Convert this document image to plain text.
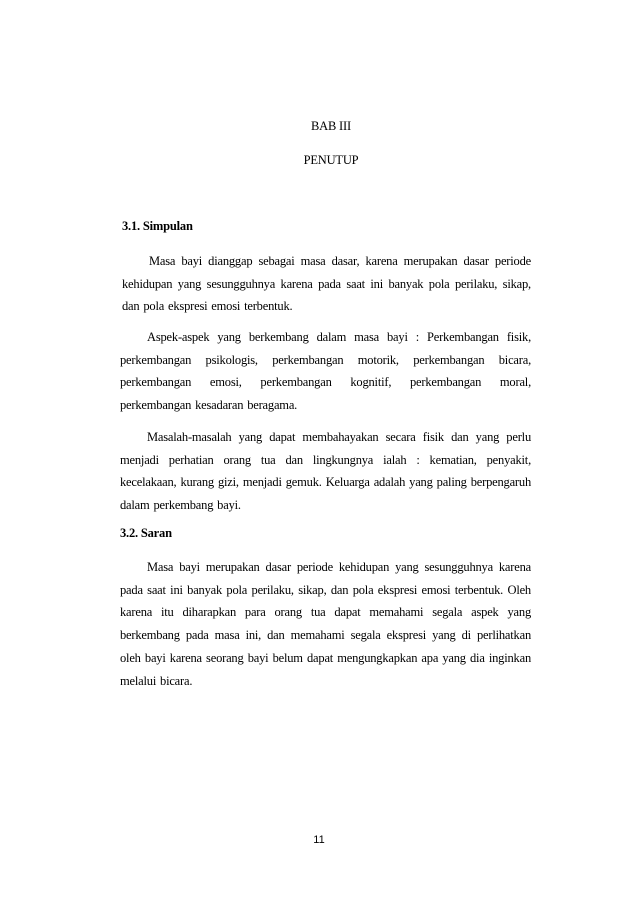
BAB III
PENUTUP
3.1. Simpulan

Masa bayi dianggap sebagai masa dasar, karena merupakan dasar periode kehidupan yang sesungguhnya karena pada saat ini banyak pola perilaku, sikap, dan pola ekspresi emosi terbentuk.

Aspek-aspek yang berkembang dalam masa bayi : Perkembangan fisik, perkembangan psikologis, perkembangan motorik, perkembangan bicara, perkembangan emosi, perkembangan kognitif, perkembangan moral, perkembangan kesadaran beragama.

Masalah-masalah yang dapat membahayakan secara fisik dan yang perlu menjadi perhatian orang tua dan lingkungnya ialah : kematian, penyakit, kecelakaan, kurang gizi, menjadi gemuk. Keluarga adalah yang paling berpengaruh dalam perkembang bayi.

3.2. Saran

Masa bayi merupakan dasar periode kehidupan yang sesungguhnya karena pada saat ini banyak pola perilaku, sikap, dan pola ekspresi emosi terbentuk. Oleh karena itu diharapkan para orang tua dapat memahami segala aspek yang berkembang pada masa ini, dan memahami segala ekspresi yang di perlihatkan oleh bayi karena seorang bayi belum dapat mengungkapkan apa yang dia inginkan melalui bicara.

11
